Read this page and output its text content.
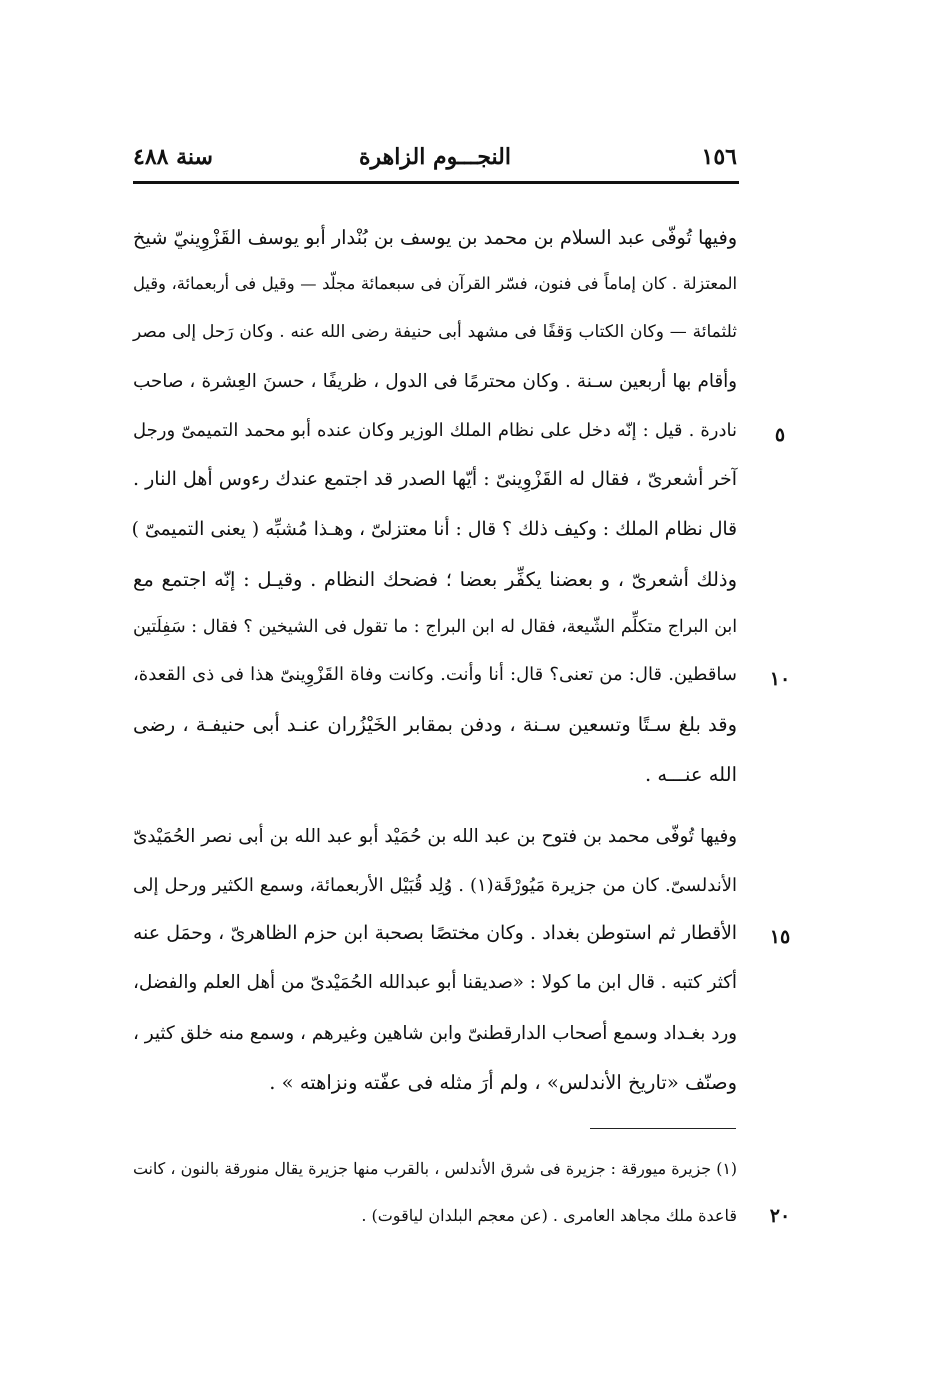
١٥٦
النجـــوم الزاهرة
سنة ٤٨٨
وفيها تُوفّى عبد السلام بن محمد بن يوسف بن بُنْدار أبو يوسف القَزْوِينيّ شيخ
المعتزلة . كان إماماً فى فنون، فسّر القرآن فى سبعمائة مجلّد — وقيل فى أربعمائة، وقيل
ثلثمائة — وكان الكتاب وَقفًا فى مشهد أبى حنيفة رضى الله عنه . وكان رَحل إلى مصر
وأقام بها أربعين سـنة . وكان محترمًا فى الدول ، ظريفًا ، حسنَ العِشرة ، صاحب
نادرة . قيل : إنّه دخل على نظام الملك الوزير وكان عنده أبو محمد التميمىّ ورجل
آخر أشعرىّ ، فقال له القَزْوِينىّ : أيّها الصدر قد اجتمع عندك رءوس أهل النار .
قال نظام الملك : وكيف ذلك ؟ قال : أنا معتزلىّ ، وهـذا مُشبِّه ( يعنى التميمىّ )
وذلك أشعرىّ ، و بعضنا يكفِّر بعضا ؛ فضحك النظام . وقيـل : إنّه اجتمع مع
ابن البراج متكلِّم الشّيعة، فقال له ابن البراج : ما تقول فى الشيخين ؟ فقال : سَفِلَتين
ساقطين. قال: من تعنى؟ قال: أنا وأنت. وكانت وفاة القَزْوِينىّ هذا فى ذى القعدة،
وقد بلغ سـتًا وتسعين سـنة ، ودفن بمقابر الخَيْزُران عنـد أبى حنيفـة ، رضى
الله عنـــه .
وفيها تُوفّى محمد بن فتوح بن عبد الله بن حُمَيْد أبو عبد الله بن أبى نصر الحُمَيْدىّ
الأندلسىّ. كان من جزيرة مَيُورْقَة(١) . وُلِد قُبَيْل الأربعمائة، وسمع الكثير ورحل إلى
الأقطار ثم استوطن بغداد . وكان مختصًا بصحبة ابن حزم الظاهرىّ ، وحمَل عنه
أكثر كتبه . قال ابن ما كولا : «صديقنا أبو عبدالله الحُمَيْدىّ من أهل العلم والفضل،
ورد بغـداد وسمع أصحاب الدارقطنىّ وابن شاهين وغيرهم ، وسمع منه خلق كثير ،
وصنّف «تاريخ الأندلس» ، ولم أرَ مثله فى عفّته ونزاهته » .
٥
١٠
١٥
٢٠
(١) جزيرة ميورقة : جزيرة فى شرق الأندلس ، بالقرب منها جزيرة يقال منورقة بالنون ، كانت
قاعدة ملك مجاهد العامرى . (عن معجم البلدان لياقوت) .
